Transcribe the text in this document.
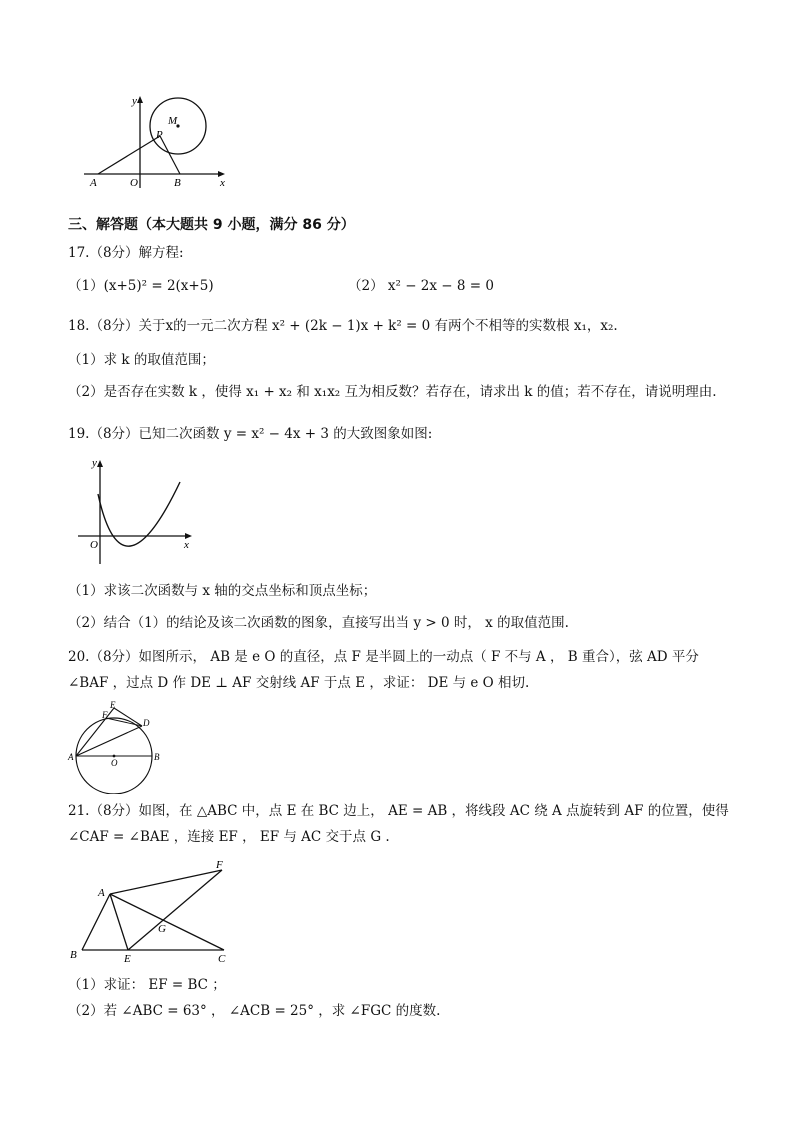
y
x
M
P
A	O	B
三、解答题（本大题共 9 小题，满分 86 分）
17.（8分）解方程:
（1）(x+5)² = 2(x+5)	（2） x² − 2x − 8 = 0
18.（8分）关于x的一元二次方程 x² + (2k − 1)x + k² = 0 有两个不相等的实数根 x₁，x₂.
（1）求 k 的取值范围；
（2）是否存在实数 k ，使得 x₁ + x₂ 和 x₁x₂ 互为相反数？若存在，请求出 k 的值；若不存在，请说明理由.
19.（8分）已知二次函数 y = x² − 4x + 3 的大致图象如图:
y
x
O
（1）求该二次函数与 x 轴的交点坐标和顶点坐标；
（2）结合（1）的结论及该二次函数的图象，直接写出当 y > 0 时， x 的取值范围.
20.（8分）如图所示， AB 是 e O 的直径，点 F 是半圆上的一动点（ F 不与 A ， B 重合），弦 AD 平分
∠BAF ，过点 D 作 DE ⊥ AF 交射线 AF 于点 E ，求证： DE 与 e O 相切.
E
F
D
A
O
B
21.（8分）如图，在 △ABC 中，点 E 在 BC 边上， AE = AB ，将线段 AC 绕 A 点旋转到 AF 的位置，使得
∠CAF = ∠BAE ，连接 EF ， EF 与 AC 交于点 G .
F
A
G
B	E	C
（1）求证： EF = BC ；
（2）若 ∠ABC = 63° ， ∠ACB = 25° ，求 ∠FGC 的度数.
